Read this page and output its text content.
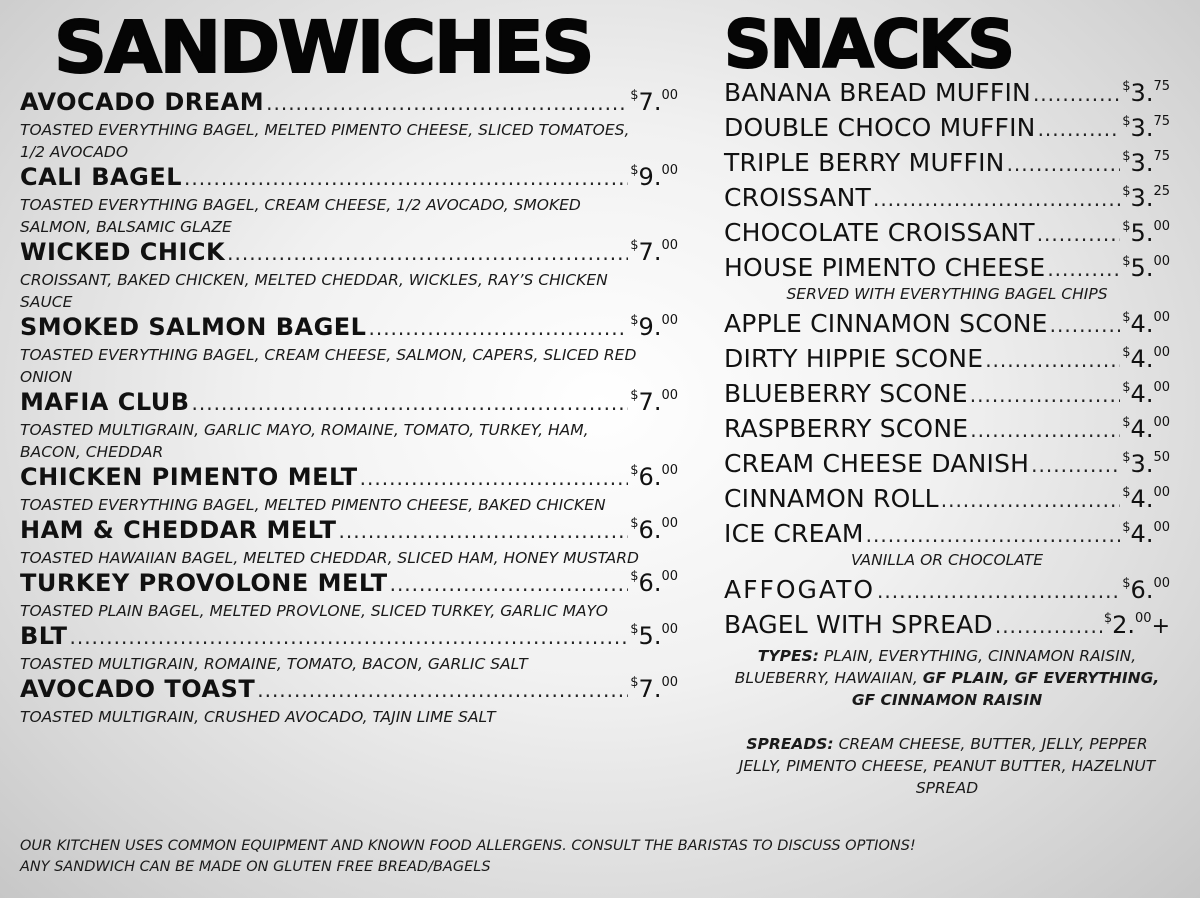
SANDWICHES SNACKS
AVOCADO DREAM .....	$7.00

TOASTED EVERYTHING BAGEL, MELTED PIMENTO CHEESE, SLICED TOMATOES, 1/2 AVOCADO

CALI BAGEL .....	$9.00

TOASTED EVERYTHING BAGEL, CREAM CHEESE, 1/2 AVOCADO, SMOKED SALMON, BALSAMIC GLAZE

WICKED CHICK .....	$7.00

CROISSANT, BAKED CHICKEN, MELTED CHEDDAR, WICKLES, RAY’S CHICKEN SAUCE

SMOKED SALMON BAGEL .....	$9.00

TOASTED EVERYTHING BAGEL, CREAM CHEESE, SALMON, CAPERS, SLICED RED ONION

MAFIA CLUB .....	$7.00

TOASTED MULTIGRAIN, GARLIC MAYO, ROMAINE, TOMATO, TURKEY, HAM, BACON, CHEDDAR

CHICKEN PIMENTO MELT .....	$6.00

TOASTED EVERYTHING BAGEL, MELTED PIMENTO CHEESE, BAKED CHICKEN

HAM & CHEDDAR MELT .....	$6.00

TOASTED HAWAIIAN BAGEL, MELTED CHEDDAR, SLICED HAM, HONEY MUSTARD

TURKEY PROVOLONE MELT .....	$6.00

TOASTED PLAIN BAGEL, MELTED PROVLONE, SLICED TURKEY, GARLIC MAYO

BLT .....	$5.00

TOASTED MULTIGRAIN, ROMAINE, TOMATO, BACON, GARLIC SALT

AVOCADO TOAST .....	$7.00

TOASTED MULTIGRAIN, CRUSHED AVOCADO, TAJIN LIME SALT

BANANA BREAD MUFFIN .....	$3.75
DOUBLE CHOCO MUFFIN .....	$3.75
TRIPLE BERRY MUFFIN .....	$3.75
CROISSANT .....	$3.25
CHOCOLATE CROISSANT .....	$5.00
HOUSE PIMENTO CHEESE .....	$5.00
SERVED WITH EVERYTHING BAGEL CHIPS
APPLE CINNAMON SCONE .....	$4.00
DIRTY HIPPIE SCONE .....	$4.00
BLUEBERRY SCONE .....	$4.00
RASPBERRY SCONE .....	$4.00
CREAM CHEESE DANISH .....	$3.50
CINNAMON ROLL .....	$4.00
ICE CREAM .....	$4.00
VANILLA OR CHOCOLATE
AFFOGATO .....	$6.00
BAGEL WITH SPREAD .....	$2.00+

TYPES: PLAIN, EVERYTHING, CINNAMON RAISIN, BLUEBERRY, HAWAIIAN, GF PLAIN, GF EVERYTHING, GF CINNAMON RAISIN

SPREADS: CREAM CHEESE, BUTTER, JELLY, PEPPER JELLY, PIMENTO CHEESE, PEANUT BUTTER, HAZELNUT SPREAD

OUR KITCHEN USES COMMON EQUIPMENT AND KNOWN FOOD ALLERGENS. CONSULT THE BARISTAS TO DISCUSS OPTIONS!
ANY SANDWICH CAN BE MADE ON GLUTEN FREE BREAD/BAGELS
